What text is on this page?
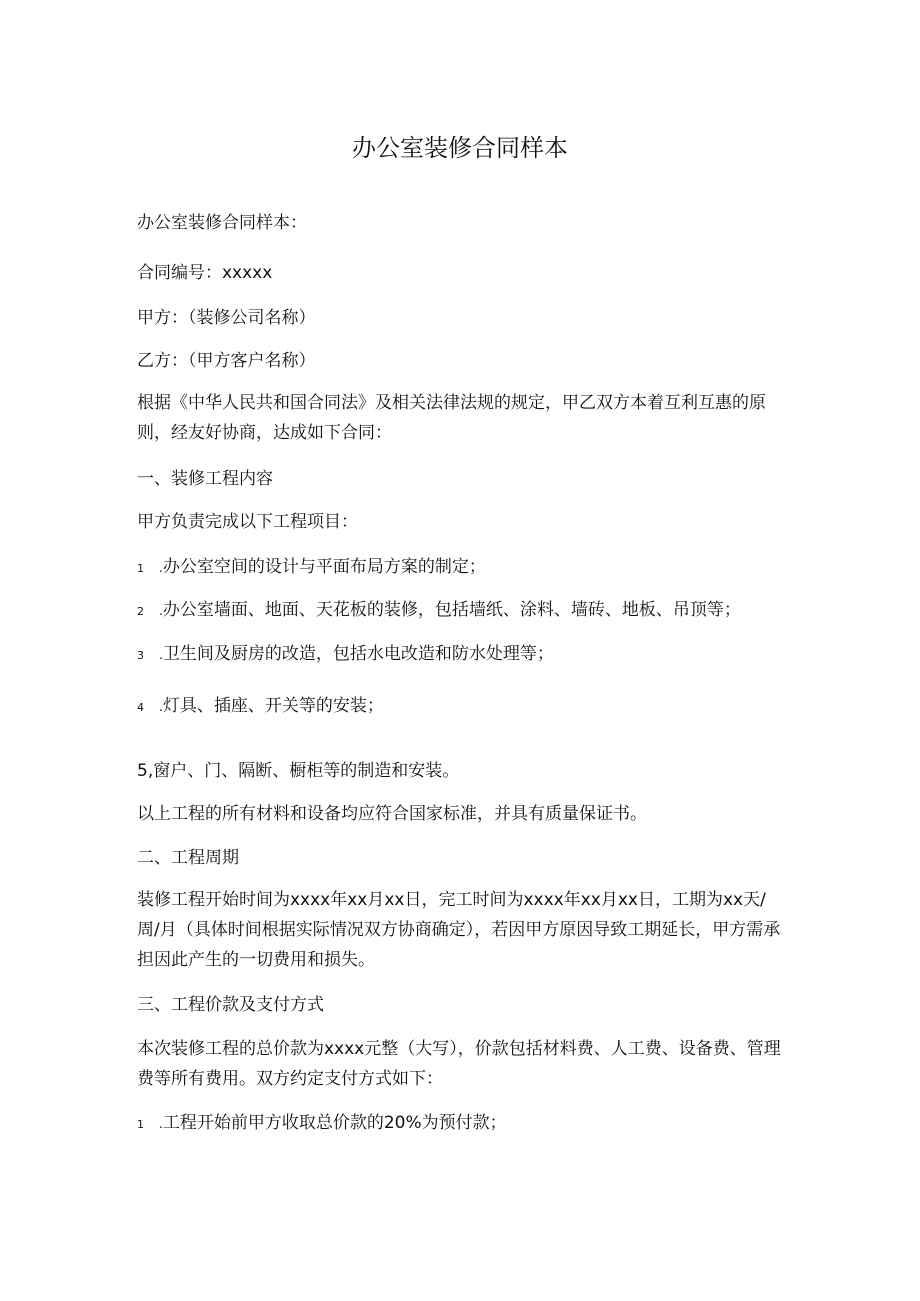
办公室装修合同样本

办公室装修合同样本：

合同编号：xxxxx

甲方：（装修公司名称）

乙方：（甲方客户名称）

根据《中华人民共和国合同法》及相关法律法规的规定，甲乙双方本着互利互惠的原则，经友好协商，达成如下合同：

一、装修工程内容

甲方负责完成以下工程项目：

1 .办公室空间的设计与平面布局方案的制定；
2 .办公室墙面、地面、天花板的装修，包括墙纸、涂料、墙砖、地板、吊顶等；
3 .卫生间及厨房的改造，包括水电改造和防水处理等；
4 .灯具、插座、开关等的安装；

5,窗户、门、隔断、橱柜等的制造和安装。

以上工程的所有材料和设备均应符合国家标准，并具有质量保证书。

二、工程周期

装修工程开始时间为xxxx年xx月xx日，完工时间为xxxx年xx月xx日，工期为xx天/周/月（具体时间根据实际情况双方协商确定），若因甲方原因导致工期延长，甲方需承担因此产生的一切费用和损失。

三、工程价款及支付方式

本次装修工程的总价款为xxxx元整（大写），价款包括材料费、人工费、设备费、管理费等所有费用。双方约定支付方式如下：

1 .工程开始前甲方收取总价款的20%为预付款；
